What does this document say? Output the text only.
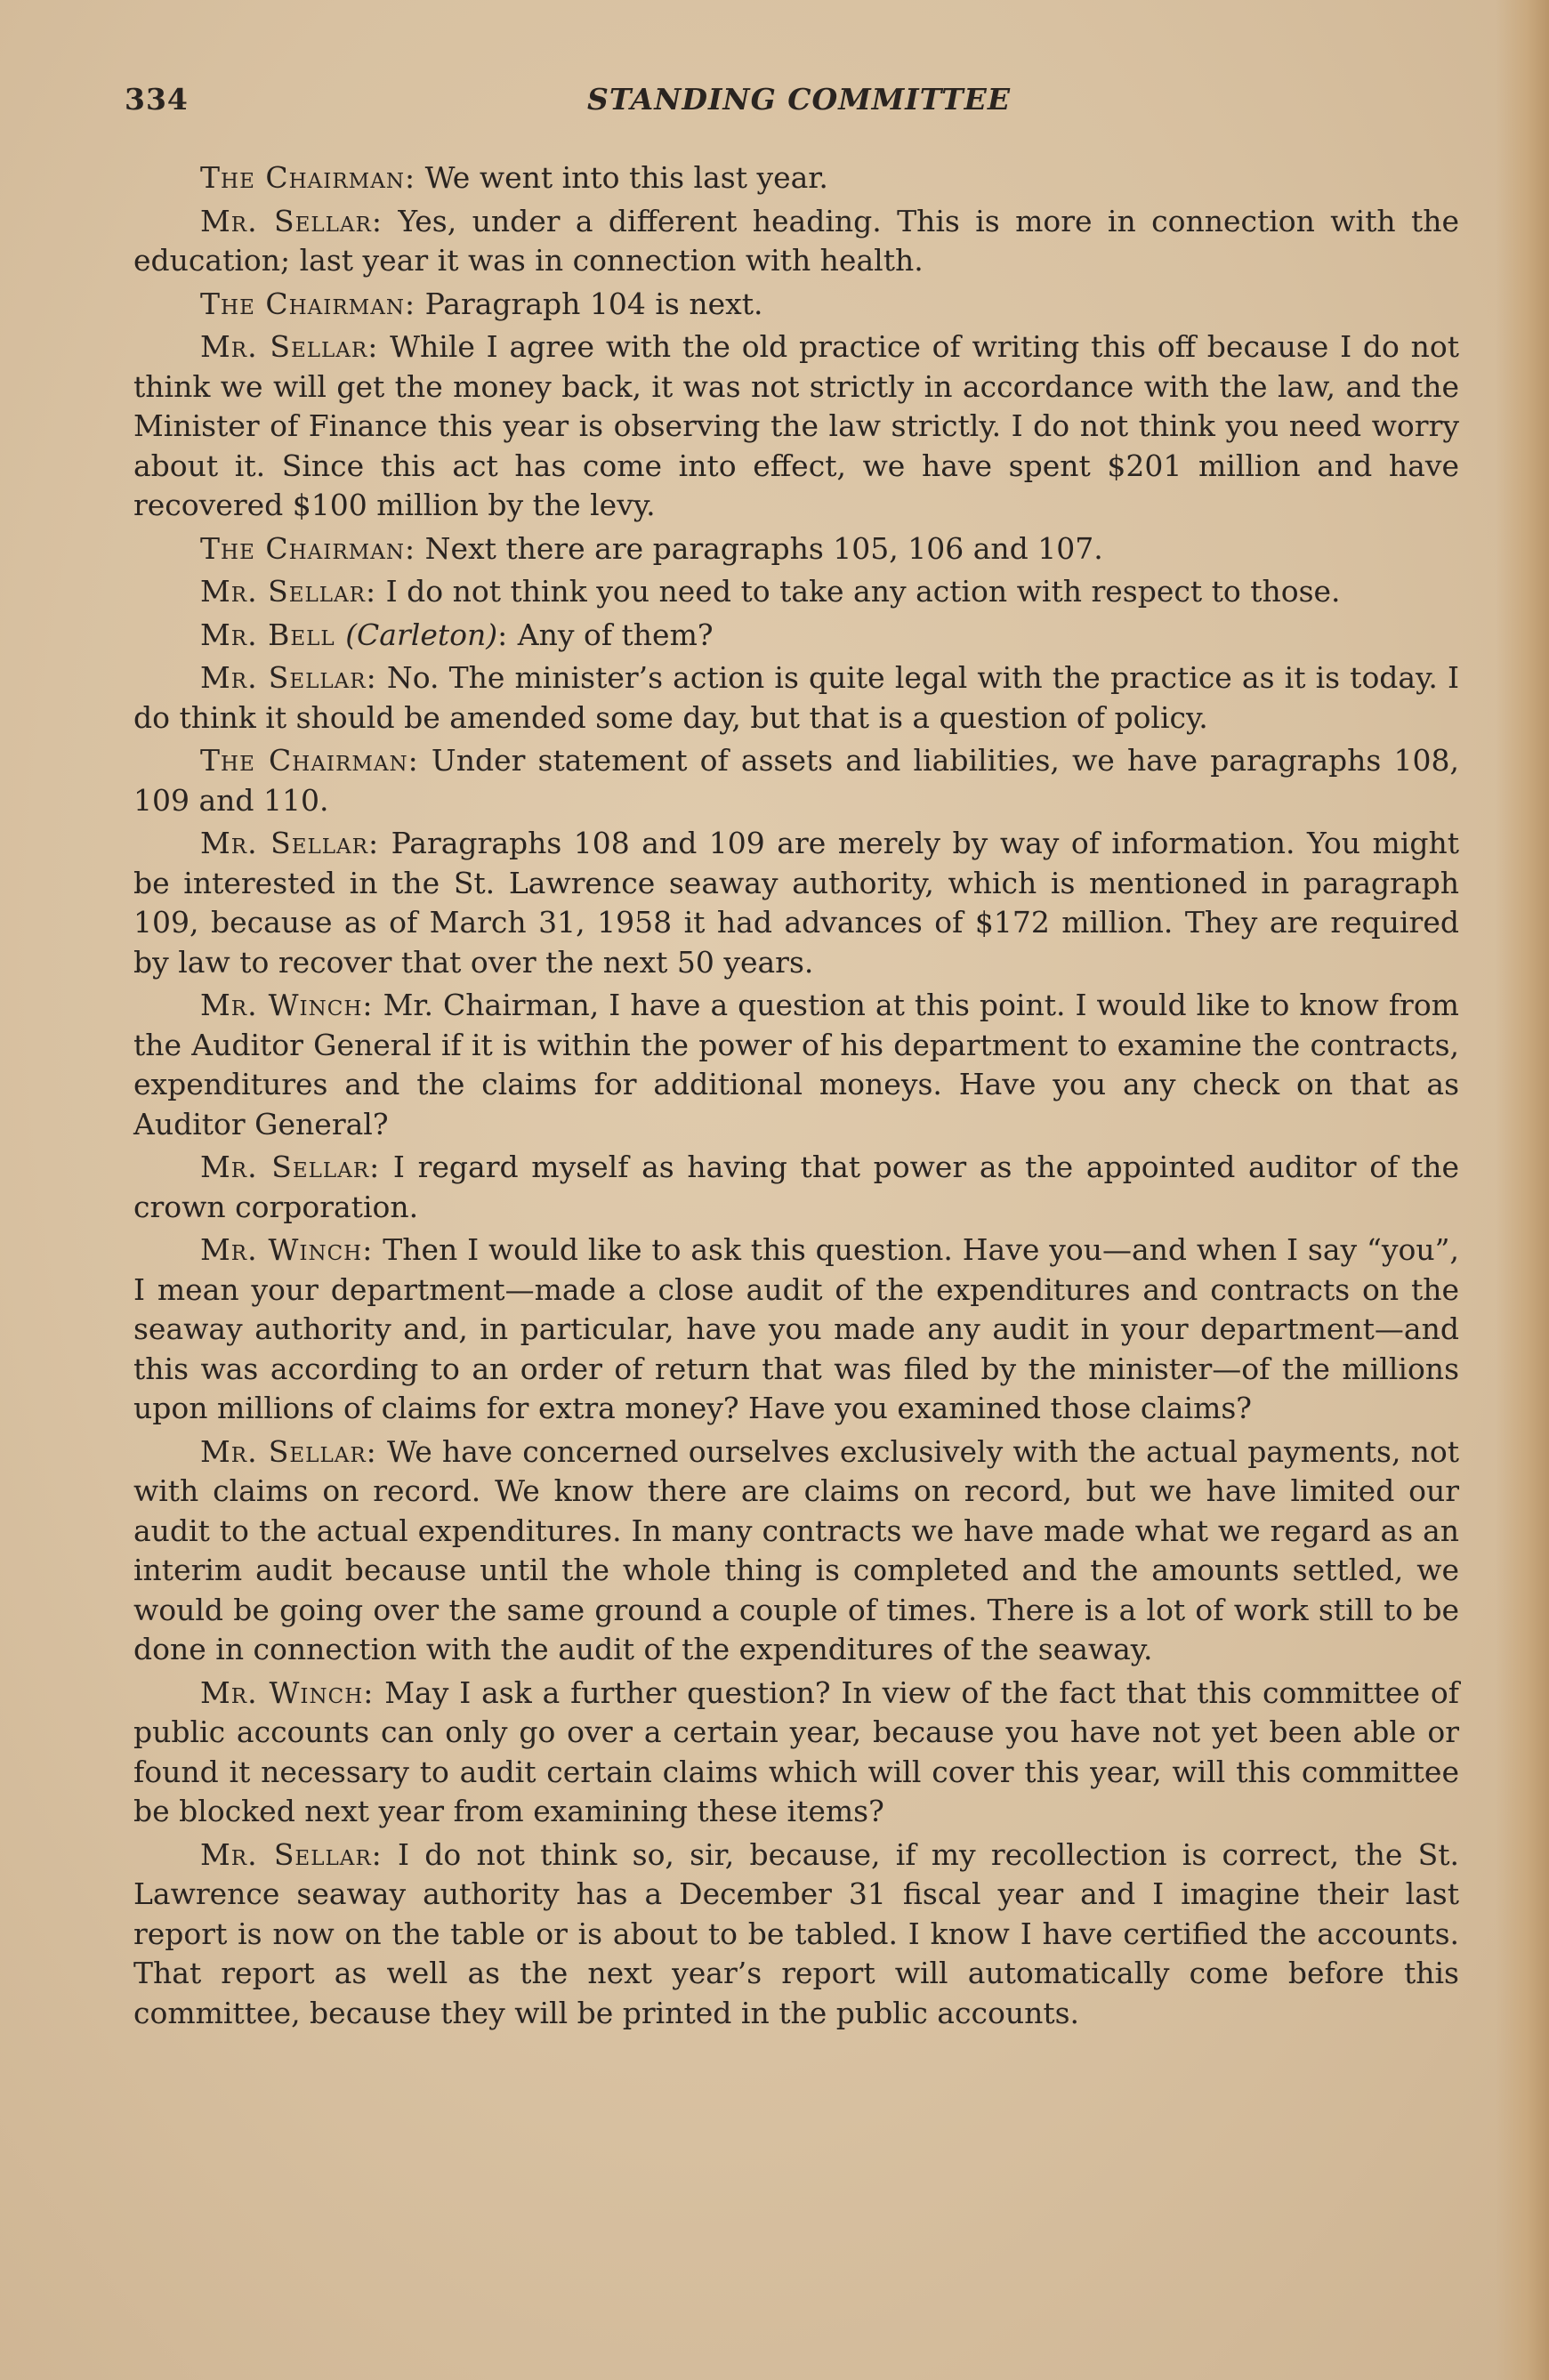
334	STANDING COMMITTEE

The Chairman: We went into this last year.

Mr. Sellar: Yes, under a different heading. This is more in connection with the education; last year it was in connection with health.

The Chairman: Paragraph 104 is next.

Mr. Sellar: While I agree with the old practice of writing this off because I do not think we will get the money back, it was not strictly in accordance with the law, and the Minister of Finance this year is observing the law strictly. I do not think you need worry about it. Since this act has come into effect, we have spent $201 million and have recovered $100 million by the levy.

The Chairman: Next there are paragraphs 105, 106 and 107.

Mr. Sellar: I do not think you need to take any action with respect to those.

Mr. Bell (Carleton): Any of them?

Mr. Sellar: No. The minister’s action is quite legal with the practice as it is today. I do think it should be amended some day, but that is a question of policy.

The Chairman: Under statement of assets and liabilities, we have paragraphs 108, 109 and 110.

Mr. Sellar: Paragraphs 108 and 109 are merely by way of information. You might be interested in the St. Lawrence seaway authority, which is mentioned in paragraph 109, because as of March 31, 1958 it had advances of $172 million. They are required by law to recover that over the next 50 years.

Mr. Winch: Mr. Chairman, I have a question at this point. I would like to know from the Auditor General if it is within the power of his department to examine the contracts, expenditures and the claims for additional moneys. Have you any check on that as Auditor General?

Mr. Sellar: I regard myself as having that power as the appointed auditor of the crown corporation.

Mr. Winch: Then I would like to ask this question. Have you—and when I say “you”, I mean your department—made a close audit of the expenditures and contracts on the seaway authority and, in particular, have you made any audit in your department—and this was according to an order of return that was filed by the minister—of the millions upon millions of claims for extra money? Have you examined those claims?

Mr. Sellar: We have concerned ourselves exclusively with the actual payments, not with claims on record. We know there are claims on record, but we have limited our audit to the actual expenditures. In many contracts we have made what we regard as an interim audit because until the whole thing is completed and the amounts settled, we would be going over the same ground a couple of times. There is a lot of work still to be done in connection with the audit of the expenditures of the seaway.

Mr. Winch: May I ask a further question? In view of the fact that this committee of public accounts can only go over a certain year, because you have not yet been able or found it necessary to audit certain claims which will cover this year, will this committee be blocked next year from examining these items?

Mr. Sellar: I do not think so, sir, because, if my recollection is correct, the St. Lawrence seaway authority has a December 31 fiscal year and I imagine their last report is now on the table or is about to be tabled. I know I have certified the accounts. That report as well as the next year’s report will automatically come before this committee, because they will be printed in the public accounts.
